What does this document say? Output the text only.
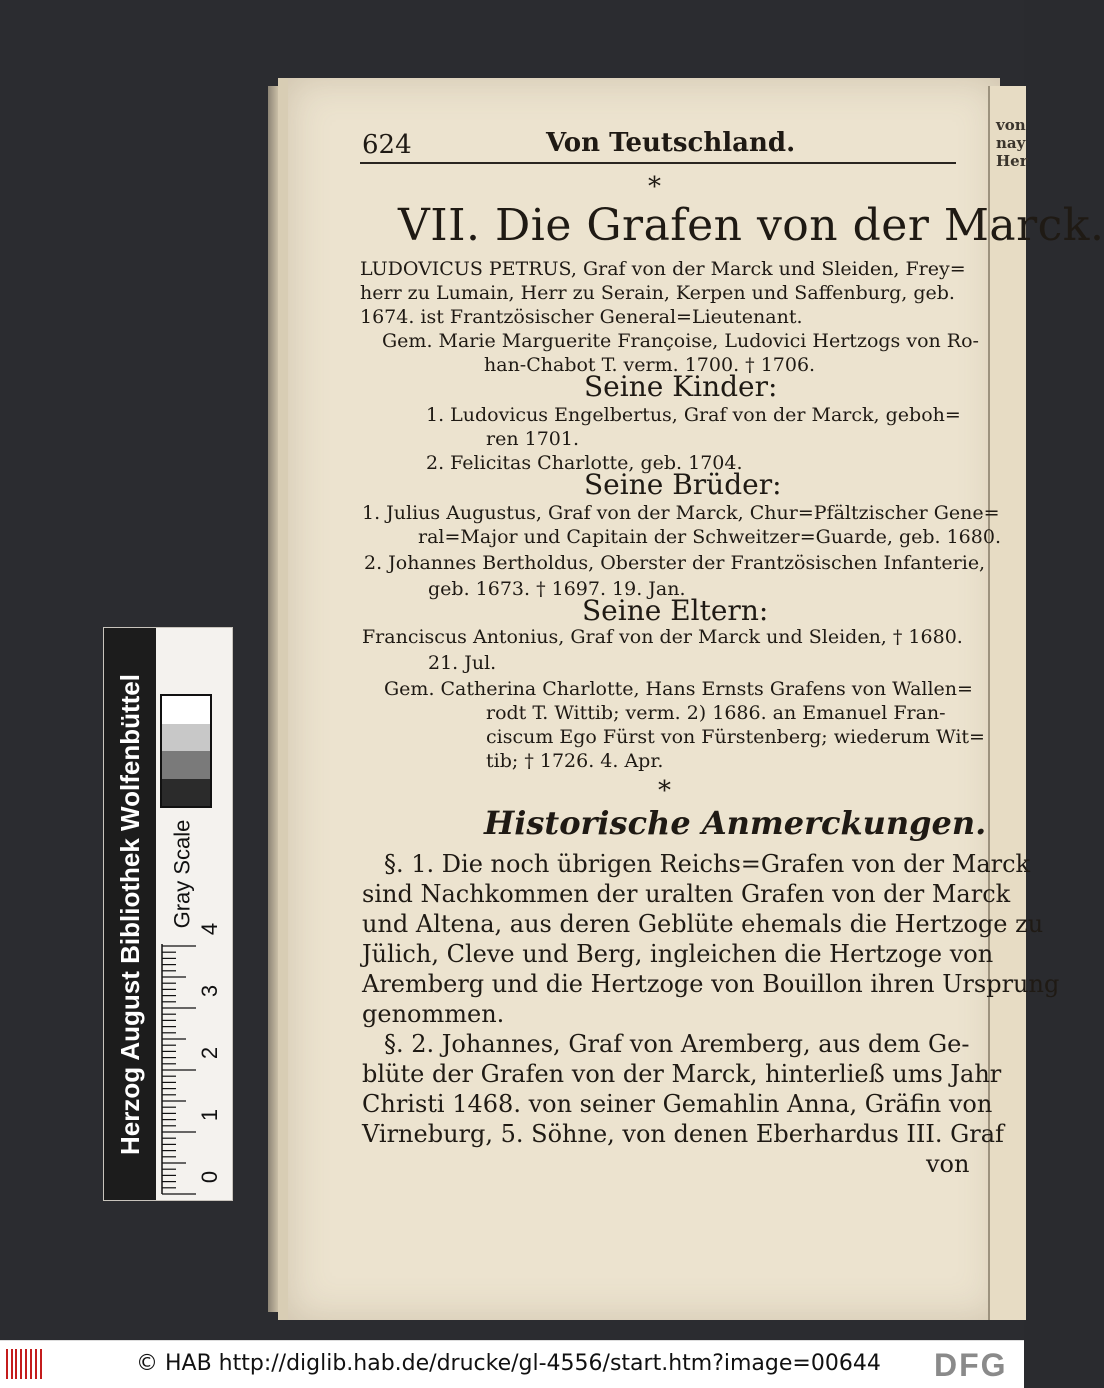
von nay Her
624	Von Teutschland.
*
VII. Die Grafen von der Marck.
LUDOVICUS PETRUS, Graf von der Marck und Sleiden, Frey=
herr zu Lumain, Herr zu Serain, Kerpen und Saffenburg, geb.
1674. ist Frantzösischer General=Lieutenant.
Gem. Marie Marguerite Françoise, Ludovici Hertzogs von Ro-
han-Chabot T. verm. 1700. † 1706.
Seine Kinder:
1. Ludovicus Engelbertus, Graf von der Marck, geboh=
ren 1701.
2. Felicitas Charlotte, geb. 1704.
Seine Brüder:
1. Julius Augustus, Graf von der Marck, Chur=Pfältzischer Gene=
ral=Major und Capitain der Schweitzer=Guarde, geb. 1680.
2. Johannes Bertholdus, Oberster der Frantzösischen Infanterie,
geb. 1673. † 1697. 19. Jan.
Seine Eltern:
Franciscus Antonius, Graf von der Marck und Sleiden, † 1680.
21. Jul.
Gem. Catherina Charlotte, Hans Ernsts Grafens von Wallen=
rodt T. Wittib; verm. 2) 1686. an Emanuel Fran-
ciscum Ego Fürst von Fürstenberg; wiederum Wit=
tib; † 1726. 4. Apr.
*
Historische Anmerckungen.
§. 1. Die noch übrigen Reichs=Grafen von der Marck
sind Nachkommen der uralten Grafen von der Marck
und Altena, aus deren Geblüte ehemals die Hertzoge zu
Jülich, Cleve und Berg, ingleichen die Hertzoge von
Aremberg und die Hertzoge von Bouillon ihren Ursprung
genommen.
§. 2. Johannes, Graf von Aremberg, aus dem Ge-
blüte der Grafen von der Marck, hinterließ ums Jahr
Christi 1468. von seiner Gemahlin Anna, Gräfin von
Virneburg, 5. Söhne, von denen Eberhardus III. Graf
von
Herzog August Bibliothek Wolfenbüttel Gray Scale
0
1
2
3
4
© HAB http://diglib.hab.de/drucke/gl-4556/start.htm?image=00644 DFG
